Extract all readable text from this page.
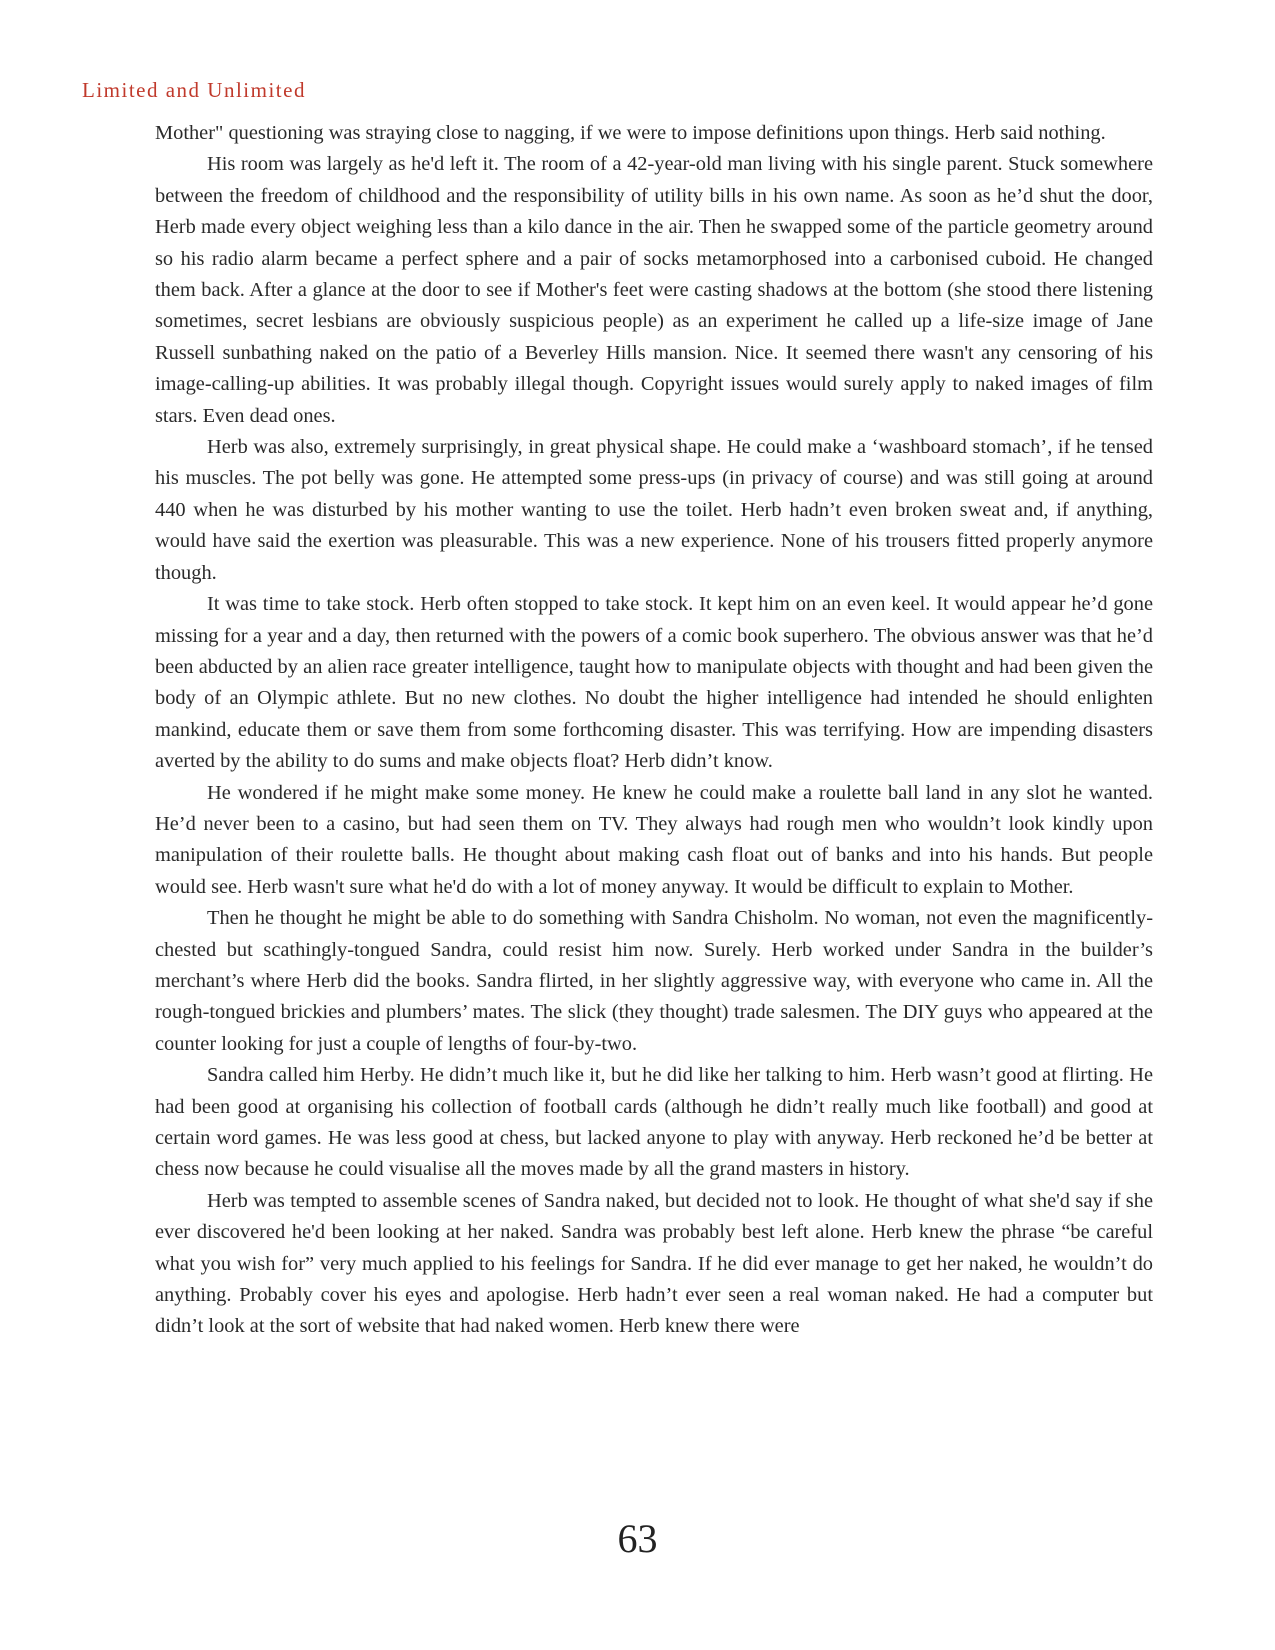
Limited and Unlimited

Mother" questioning was straying close to nagging, if we were to impose definitions upon things. Herb said nothing.

His room was largely as he'd left it. The room of a 42-year-old man living with his single parent. Stuck somewhere between the freedom of childhood and the responsibility of utility bills in his own name. As soon as he’d shut the door, Herb made every object weighing less than a kilo dance in the air. Then he swapped some of the particle geometry around so his radio alarm became a perfect sphere and a pair of socks metamorphosed into a carbonised cuboid. He changed them back. After a glance at the door to see if Mother's feet were casting shadows at the bottom (she stood there listening sometimes, secret lesbians are obviously suspicious people) as an experiment he called up a life-size image of Jane Russell sunbathing naked on the patio of a Beverley Hills mansion. Nice. It seemed there wasn't any censoring of his image-calling-up abilities. It was probably illegal though. Copyright issues would surely apply to naked images of film stars. Even dead ones.

Herb was also, extremely surprisingly, in great physical shape. He could make a ‘washboard stomach’, if he tensed his muscles. The pot belly was gone. He attempted some press-ups (in privacy of course) and was still going at around 440 when he was disturbed by his mother wanting to use the toilet. Herb hadn’t even broken sweat and, if anything, would have said the exertion was pleasurable. This was a new experience. None of his trousers fitted properly anymore though.

It was time to take stock. Herb often stopped to take stock. It kept him on an even keel. It would appear he’d gone missing for a year and a day, then returned with the powers of a comic book superhero. The obvious answer was that he’d been abducted by an alien race greater intelligence, taught how to manipulate objects with thought and had been given the body of an Olympic athlete. But no new clothes. No doubt the higher intelligence had intended he should enlighten mankind, educate them or save them from some forthcoming disaster. This was terrifying. How are impending disasters averted by the ability to do sums and make objects float? Herb didn’t know.

He wondered if he might make some money. He knew he could make a roulette ball land in any slot he wanted. He’d never been to a casino, but had seen them on TV. They always had rough men who wouldn’t look kindly upon manipulation of their roulette balls. He thought about making cash float out of banks and into his hands. But people would see. Herb wasn't sure what he'd do with a lot of money anyway. It would be difficult to explain to Mother.

Then he thought he might be able to do something with Sandra Chisholm. No woman, not even the magnificently-chested but scathingly-tongued Sandra, could resist him now. Surely. Herb worked under Sandra in the builder’s merchant’s where Herb did the books. Sandra flirted, in her slightly aggressive way, with everyone who came in. All the rough-tongued brickies and plumbers’ mates. The slick (they thought) trade salesmen. The DIY guys who appeared at the counter looking for just a couple of lengths of four-by-two.

Sandra called him Herby. He didn’t much like it, but he did like her talking to him. Herb wasn’t good at flirting. He had been good at organising his collection of football cards (although he didn’t really much like football) and good at certain word games. He was less good at chess, but lacked anyone to play with anyway. Herb reckoned he’d be better at chess now because he could visualise all the moves made by all the grand masters in history.

Herb was tempted to assemble scenes of Sandra naked, but decided not to look. He thought of what she'd say if she ever discovered he'd been looking at her naked. Sandra was probably best left alone. Herb knew the phrase “be careful what you wish for” very much applied to his feelings for Sandra. If he did ever manage to get her naked, he wouldn’t do anything. Probably cover his eyes and apologise. Herb hadn’t ever seen a real woman naked. He had a computer but didn’t look at the sort of website that had naked women. Herb knew there were

63
